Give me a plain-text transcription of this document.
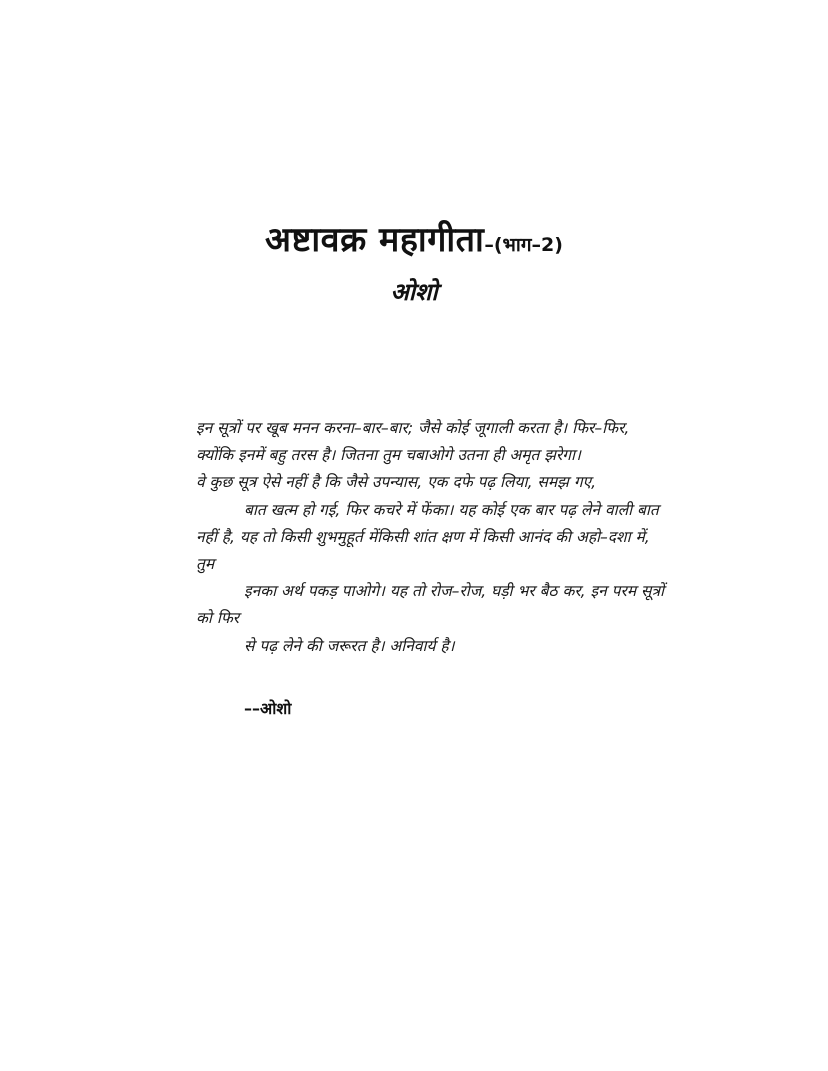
अष्टावक्र महागीता–(भाग–2)
ओशो
इन सूत्रों पर खूब मनन करना–बार–बार; जैसे कोई जूगाली करता है। फिर–फिर,
क्योंकि इनमें बहु तरस है। जितना तुम चबाओगे उतना ही अमृत झरेगा।
वे कुछ सूत्र ऐसे नहीं है कि जैसे उपन्यास, एक दफे पढ़ लिया, समझ गए,
बात खत्म हो गई, फिर कचरे में फेंका। यह कोई एक बार पढ़ लेने वाली बात
नहीं है, यह तो किसी शुभमुहूर्त मेंकिसी शांत क्षण में किसी आनंद की अहो–दशा में,
तुम
इनका अर्थ पकड़ पाओगे। यह तो रोज–रोज, घड़ी भर बैठ कर, इन परम सूत्रों
को फिर
से पढ़ लेने की जरूरत है। अनिवार्य है।
––ओशो
